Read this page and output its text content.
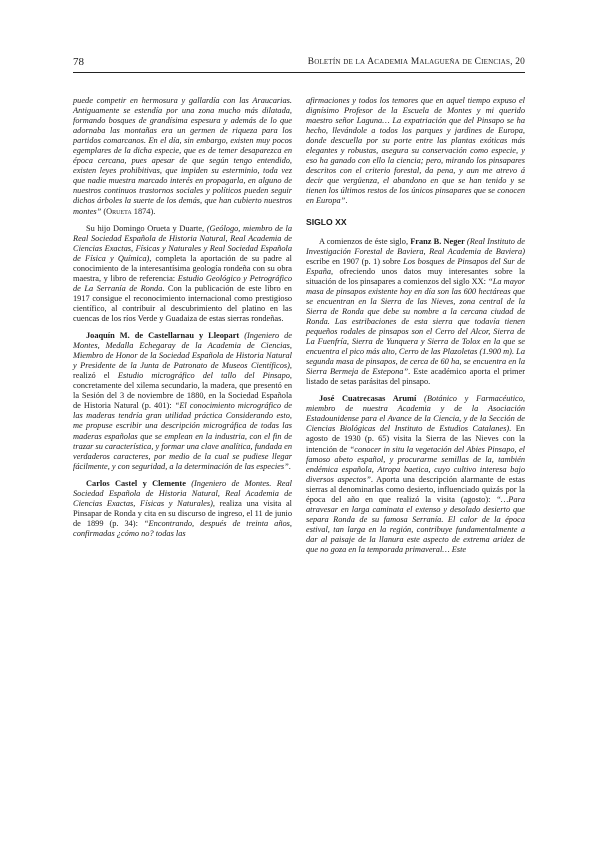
78	Boletín de la Academia Malagueña de Ciencias, 20

puede competir en hermosura y gallardía con las Araucarias. Antiguamente se estendía por una zona mucho más dilatada, formando bosques de grandísima espesura y además de lo que adornaba las montañas era un germen de riqueza para los partidos comarcanos. En el día, sin embargo, existen muy pocos egemplares de la dicha especie, que es de temer desaparezca en época cercana, pues apesar de que según tengo entendido, existen leyes prohibitivas, que impiden su esterminio, toda vez que nadie muestra marcado interés en propagarla, en alguno de nuestros continuos trastornos sociales y políticos pueden seguir dichos árboles la suerte de los demás, que han cubierto nuestros montes” (Orueta 1874).

Su hijo Domingo Orueta y Duarte, (Geólogo, miembro de la Real Sociedad Española de Historia Natural, Real Academia de Ciencias Exactas, Físicas y Naturales y Real Sociedad Española de Física y Química), completa la aportación de su padre al conocimiento de la interesantísima geología rondeña con su obra maestra, y libro de referencia: Estudio Geológico y Petrográfico de La Serranía de Ronda. Con la publicación de este libro en 1917 consigue el reconocimiento internacional como prestigioso científico, al contribuir al descubrimiento del platino en las cuencas de los ríos Verde y Guadaiza de estas sierras rondeñas.

Joaquín M. de Castellarnau y Lleopart (Ingeniero de Montes, Medalla Echegaray de la Academia de Ciencias, Miembro de Honor de la Sociedad Española de Historia Natural y Presidente de la Junta de Patronato de Museos Científicos), realizó el Estudio micrográfico del tallo del Pinsapo, concretamente del xilema secundario, la madera, que presentó en la Sesión del 3 de noviembre de 1880, en la Sociedad Española de Historia Natural (p. 401): “El conocimiento micrográfico de las maderas tendría gran utilidad práctica Considerando esto, me propuse escribir una descripción micrográfica de todas las maderas españolas que se emplean en la industria, con el fin de trazar su característica, y formar una clave analítica, fundada en verdaderos caracteres, por medio de la cual se pudiese llegar fácilmente, y con seguridad, a la determinación de las especies”.

Carlos Castel y Clemente (Ingeniero de Montes. Real Sociedad Española de Historia Natural, Real Academia de Ciencias Exactas, Físicas y Naturales), realiza una visita al Pinsapar de Ronda y cita en su discurso de ingreso, el 11 de junio de 1899 (p. 34): “Encontrando, después de treinta años, confirmadas ¿cómo no? todas las

afirmaciones y todos los temores que en aquel tiempo expuso el dignísimo Profesor de la Escuela de Montes y mi querido maestro señor Laguna… La expatriación que del Pinsapo se ha hecho, llevándole a todos los parques y jardines de Europa, donde descuella por su porte entre las plantas exóticas más elegantes y robustas, asegura su conservación como especie, y eso ha ganado con ello la ciencia; pero, mirando los pinsapares descritos con el criterio forestal, da pena, y aun me atrevo á decir que vergüenza, el abandono en que se han tenido y se tienen los últimos restos de los únicos pinsapares que se conocen en Europa”.

SIGLO XX

A comienzos de éste siglo, Franz B. Neger (Real Instituto de Investigación Forestal de Baviera, Real Academia de Baviera) escribe en 1907 (p. 1) sobre Los bosques de Pinsapos del Sur de España, ofreciendo unos datos muy interesantes sobre la situación de los pinsapares a comienzos del siglo XX: “La mayor masa de pinsapos existente hoy en día son las 600 hectáreas que se encuentran en la Sierra de las Nieves, zona central de la Sierra de Ronda que debe su nombre a la cercana ciudad de Ronda. Las estribaciones de esta sierra que todavía tienen pequeños rodales de pinsapos son el Cerro del Alcor, Sierra de La Fuenfría, Sierra de Yunquera y Sierra de Tolox en la que se encuentra el pico más alto, Cerro de las Plazoletas (1.900 m). La segunda masa de pinsapos, de cerca de 60 ha, se encuentra en la Sierra Bermeja de Estepona”. Este académico aporta el primer listado de setas parásitas del pinsapo.

José Cuatrecasas Arumí (Botánico y Farmacéutico, miembro de nuestra Academia y de la Asociación Estadounidense para el Avance de la Ciencia, y de la Sección de Ciencias Biológicas del Instituto de Estudios Catalanes). En agosto de 1930 (p. 65) visita la Sierra de las Nieves con la intención de “conocer in situ la vegetación del Abies Pinsapo, el famoso abeto español, y procurarme semillas de la, también endémica española, Atropa baetica, cuyo cultivo interesa bajo diversos aspectos”. Aporta una descripción alarmante de estas sierras al denominarlas como desierto, influenciado quizás por la época del año en que realizó la visita (agosto): “…Para atravesar en larga caminata el extenso y desolado desierto que separa Ronda de su famosa Serranía. El calor de la época estival, tan larga en la región, contribuye fundamentalmente a dar al paisaje de la llanura este aspecto de extrema aridez de que no goza en la temporada primaveral… Este
